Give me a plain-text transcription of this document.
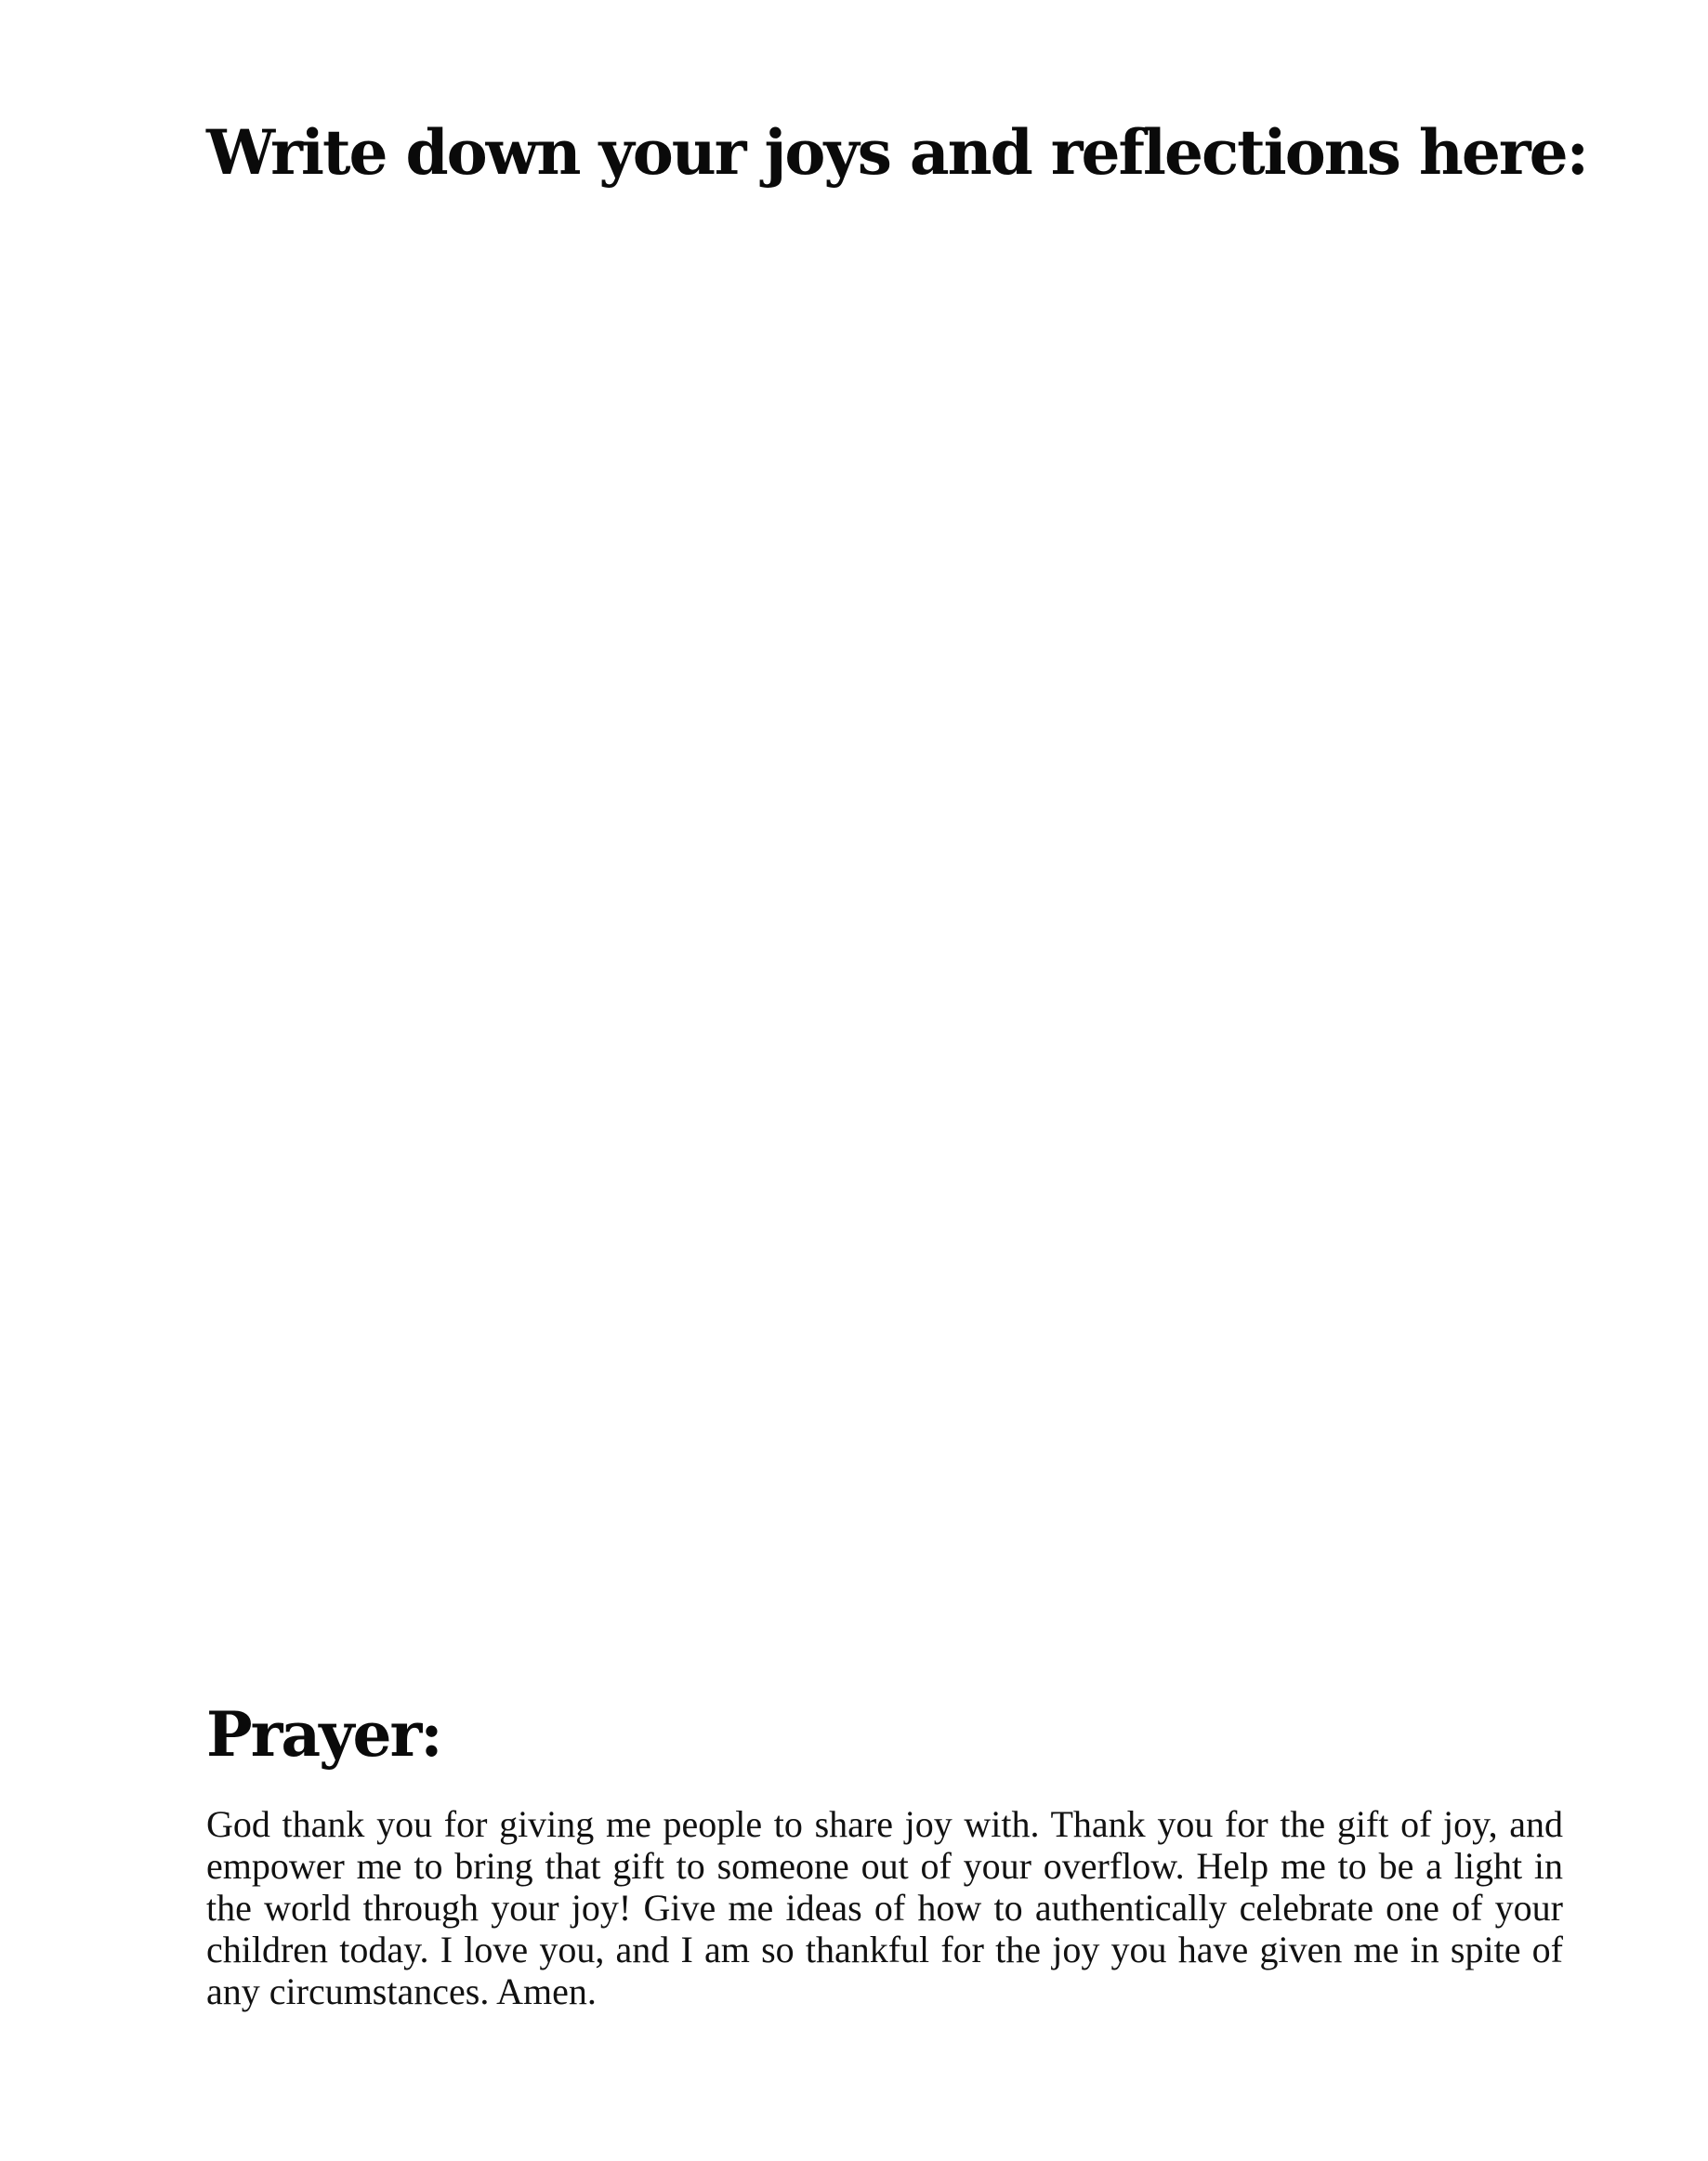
Write down your joys and reflections here:
Prayer:

God thank you for giving me people to share joy with. Thank you for the gift of joy, and empower me to bring that gift to someone out of your overflow. Help me to be a light in the world through your joy! Give me ideas of how to authentically celebrate one of your children today. I love you, and I am so thankful for the joy you have given me in spite of any circumstances. Amen.
